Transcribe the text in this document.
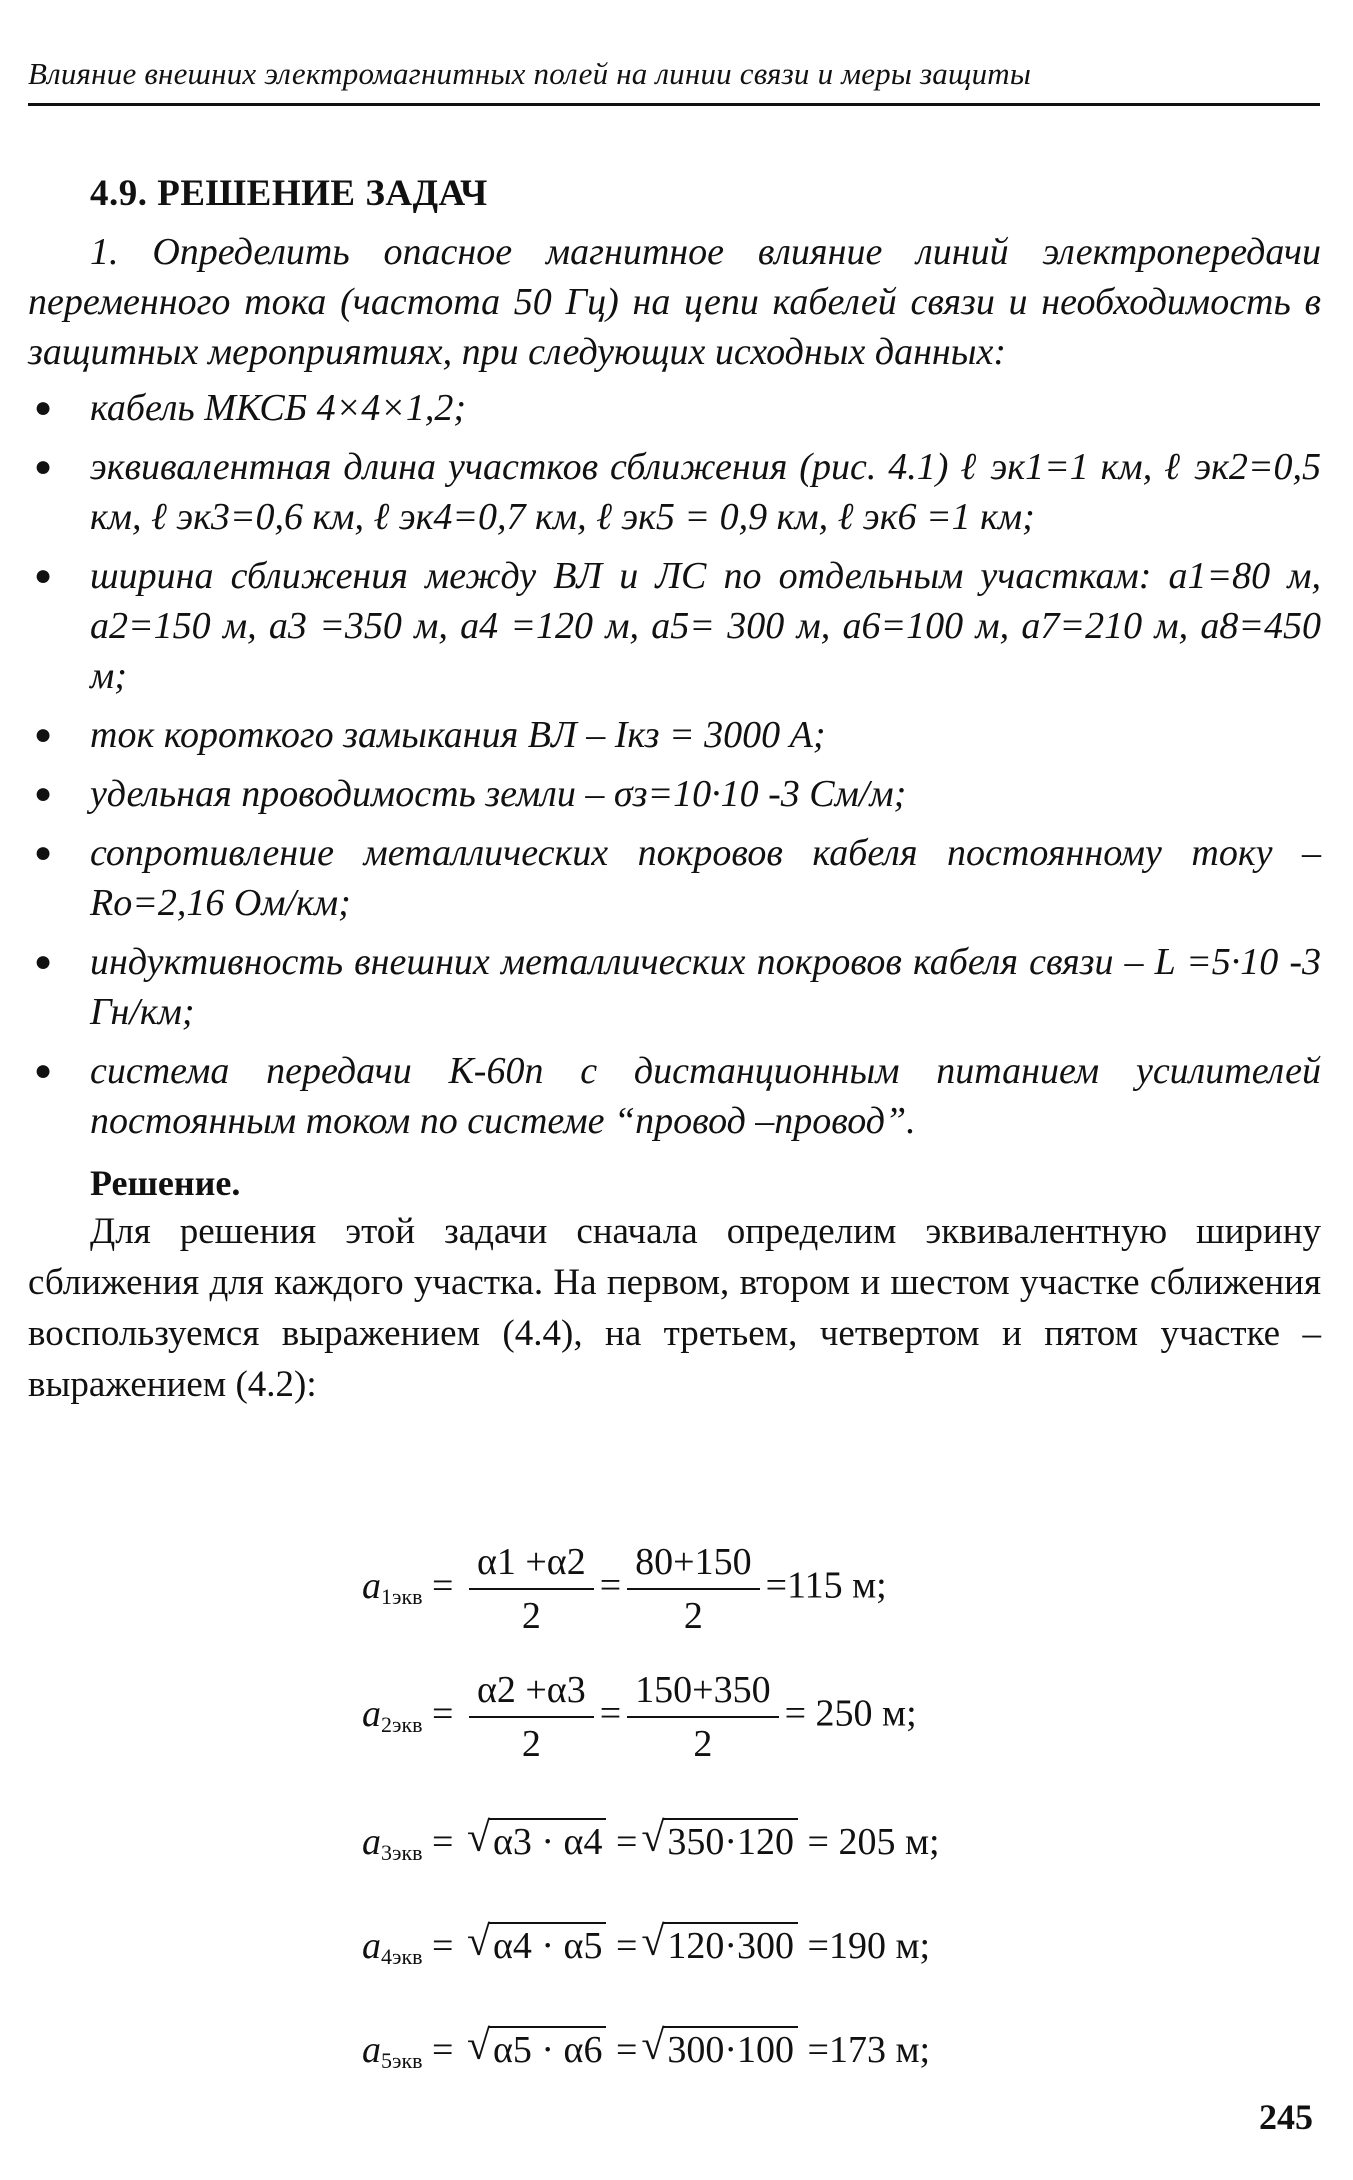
Влияние внешних электромагнитных полей на линии связи и меры защиты
4.9. РЕШЕНИЕ ЗАДАЧ

1. Определить опасное магнитное влияние линий электропередачи переменного тока (частота 50 Гц) на цепи кабелей связи и необходимость в защитных мероприятиях, при следующих исходных данных:

● кабель МКСБ 4×4×1,2;
● эквивалентная длина участков сближения (рис. 4.1) ℓ эк1=1 км, ℓ эк2=0,5 км, ℓ эк3=0,6 км, ℓ эк4=0,7 км, ℓ эк5 = 0,9 км, ℓ эк6 =1 км;
● ширина сближения между ВЛ и ЛС по отдельным участкам: a1=80 м, a2=150 м, a3 =350 м, a4 =120 м, a5= 300 м, a6=100 м, a7=210 м, a8=450 м;
● ток короткого замыкания ВЛ – Iкз = 3000 А;
● удельная проводимость земли – σз=10·10 -3 См/м;
● сопротивление металлических покровов кабеля постоянному току – Ro=2,16 Ом/км;
● индуктивность внешних металлических покровов кабеля связи – L =5·10 -3 Гн/км;
● система передачи К-60п с дистанционным питанием усилителей постоянным током по системе “провод –провод”.
Решение.

Для решения этой задачи сначала определим эквивалентную ширину сближения для каждого участка. На первом, втором и шестом участке сближения воспользуемся выражением (4.4), на третьем, четвертом и пятом участке – выражением (4.2):

$a_{1экв} = \frac{\alpha 1 +\alpha 2}{2} = \frac{80+150}{2} =115$ м;
$a_{2экв} = \frac{\alpha 2 +\alpha 3}{2} = \frac{150+350}{2} = 250$ м;
$a_{3экв}$ = √ α3 · α4 = √ 350·120 = 205 м;
$a_{4экв}$ = √ α4 · α5 = √ 120·300 =190 м;
$a_{5экв}$ = √ α5 · α6 = √ 300·100 =173 м;
245
